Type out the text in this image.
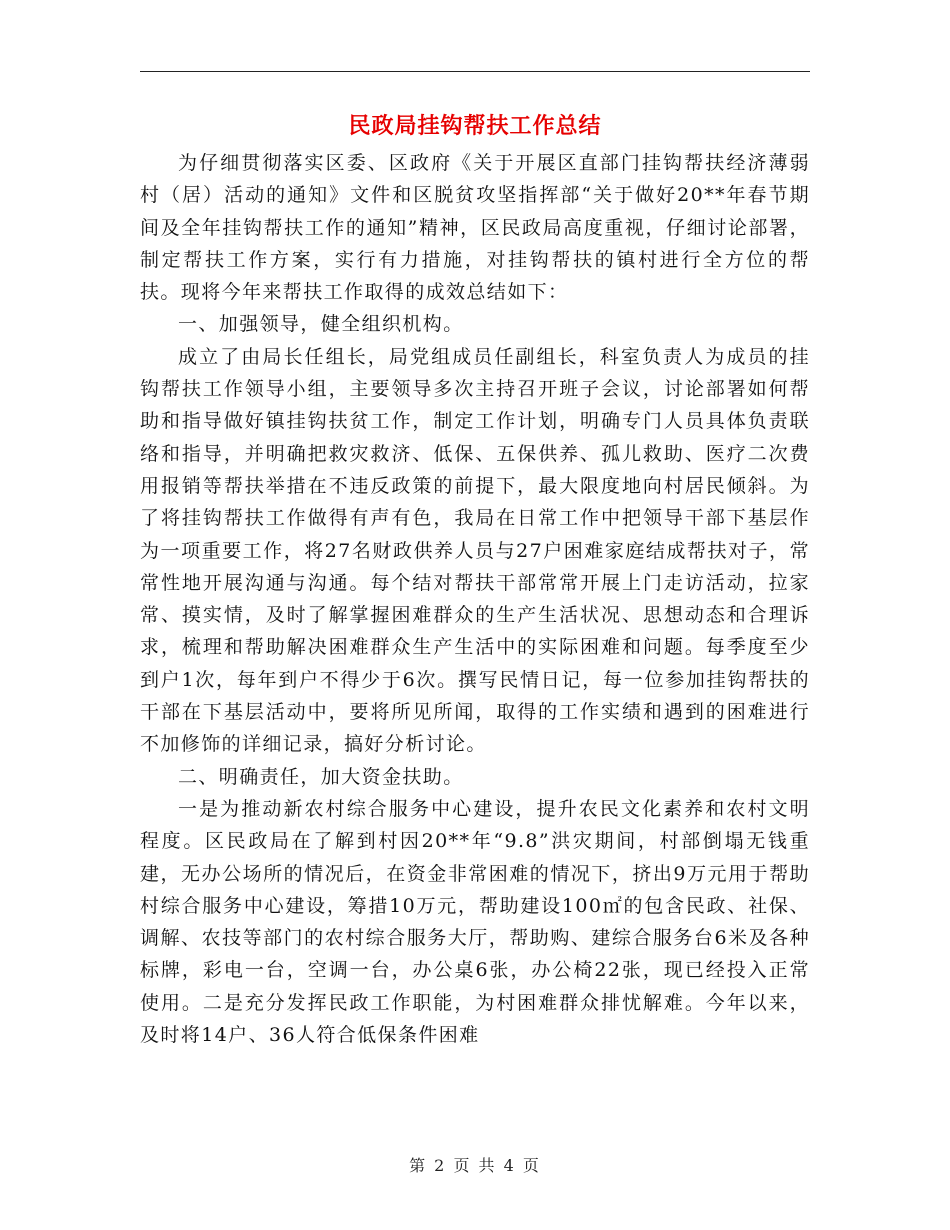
民政局挂钩帮扶工作总结

为仔细贯彻落实区委、区政府《关于开展区直部门挂钩帮扶经济薄弱村（居）活动的通知》文件和区脱贫攻坚指挥部“关于做好20**年春节期间及全年挂钩帮扶工作的通知”精神，区民政局高度重视，仔细讨论部署，制定帮扶工作方案，实行有力措施，对挂钩帮扶的镇村进行全方位的帮扶。现将今年来帮扶工作取得的成效总结如下：

一、加强领导，健全组织机构。

成立了由局长任组长，局党组成员任副组长，科室负责人为成员的挂钩帮扶工作领导小组，主要领导多次主持召开班子会议，讨论部署如何帮助和指导做好镇挂钩扶贫工作，制定工作计划，明确专门人员具体负责联络和指导，并明确把救灾救济、低保、五保供养、孤儿救助、医疗二次费用报销等帮扶举措在不违反政策的前提下，最大限度地向村居民倾斜。为了将挂钩帮扶工作做得有声有色，我局在日常工作中把领导干部下基层作为一项重要工作，将27名财政供养人员与27户困难家庭结成帮扶对子，常常性地开展沟通与沟通。每个结对帮扶干部常常开展上门走访活动，拉家常、摸实情，及时了解掌握困难群众的生产生活状况、思想动态和合理诉求，梳理和帮助解决困难群众生产生活中的实际困难和问题。每季度至少到户1次，每年到户不得少于6次。撰写民情日记，每一位参加挂钩帮扶的干部在下基层活动中，要将所见所闻，取得的工作实绩和遇到的困难进行不加修饰的详细记录，搞好分析讨论。

二、明确责任，加大资金扶助。

一是为推动新农村综合服务中心建设，提升农民文化素养和农村文明程度。区民政局在了解到村因20**年“9.8”洪灾期间，村部倒塌无钱重建，无办公场所的情况后，在资金非常困难的情况下，挤出9万元用于帮助村综合服务中心建设，筹措10万元，帮助建设100㎡的包含民政、社保、调解、农技等部门的农村综合服务大厅，帮助购、建综合服务台6米及各种标牌，彩电一台，空调一台，办公桌6张，办公椅22张，现已经投入正常使用。二是充分发挥民政工作职能，为村困难群众排忧解难。今年以来，及时将14户、36人符合低保条件困难

第 2 页 共 4 页
